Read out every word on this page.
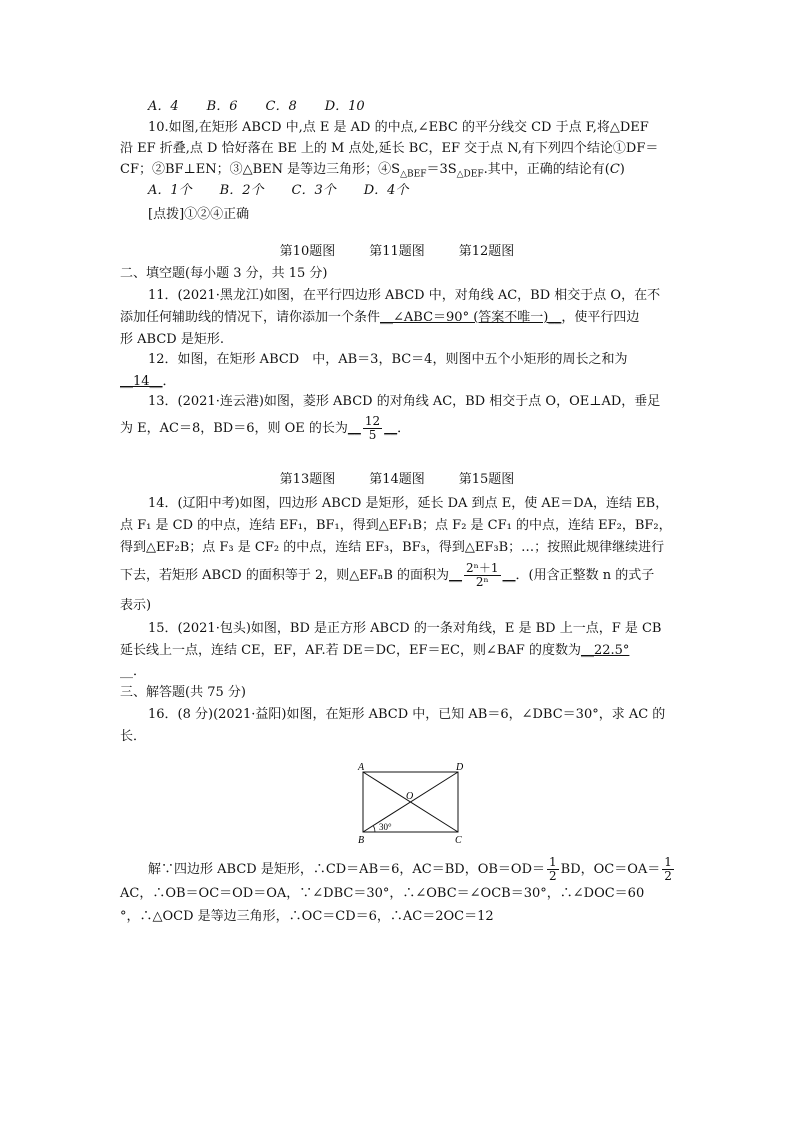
A．4 B．6 C．8 D．10
10.如图,在矩形 ABCD 中,点 E 是 AD 的中点,∠EBC 的平分线交 CD 于点 F,将△DEF
沿 EF 折叠,点 D 恰好落在 BE 上的 M 点处,延长 BC，EF 交于点 N,有下列四个结论①DF＝
CF；②BF⊥EN；③△BEN 是等边三角形；$④S_{\triangle BEF}=3S_{\triangle DEF}$.其中，正确的结论有(C)
A．1个 B．2个 C．3个 D．4个
[点拨]①②④正确
第10题图	第11题图	第12题图
二、填空题(每小题 3 分，共 15 分)
11．(2021·黑龙江)如图，在平行四边形 ABCD 中，对角线 AC，BD 相交于点 O，在不
添加任何辅助线的情况下，请你添加一个条件__∠ABC＝90° (答案不唯一)__，使平行四边
形 ABCD 是矩形.
12．如图，在矩形 ABCD　中，AB＝3，BC＝4，则图中五个小矩形的周长之和为
__14__．
13．(2021·连云港)如图，菱形 ABCD 的对角线 AC，BD 相交于点 O，OE⊥AD，垂足
为 E，AC＝8，BD＝6，则 OE 的长为__ $\frac{12}{5}$ __．
第13题图	第14题图	第15题图
14．(辽阳中考)如图，四边形 ABCD 是矩形，延长 DA 到点 E，使 AE＝DA，连结 EB，
点 F₁ 是 CD 的中点，连结 EF₁，BF₁，得到△EF₁B；点 F₂ 是 CF₁ 的中点，连结 EF₂，BF₂，
得到△EF₂B；点 F₃ 是 CF₂ 的中点，连结 EF₃，BF₃，得到△EF₃B；…；按照此规律继续进行
下去，若矩形 ABCD 的面积等于 2，则△EFₙB 的面积为__ $\frac{\text{2ⁿ＋1}}{\text{2ⁿ}}$ __．(用含正整数 n 的式子
表示)
15．(2021·包头)如图，BD 是正方形 ABCD 的一条对角线，E 是 BD 上一点，F 是 CB
延长线上一点，连结 CE，EF，AF.若 DE＝DC，EF＝EC，则∠BAF 的度数为__22.5°
__．
三、解答题(共 75 分)
16．(8 分)(2021·益阳)如图，在矩形 ABCD 中，已知 AB＝6，∠DBC＝30°，求 AC 的
长．
A	D
O
B	C
30°
解∵四边形 ABCD 是矩形，∴CD＝AB＝6，AC＝BD，$OB=OD= \frac{1}{2}$ BD，$OC=OA= \frac{1}{2}$
AC，∴OB＝OC＝OD＝OA，∵∠DBC＝30°，∴∠OBC＝∠OCB＝30°，∴∠DOC＝60
°，∴△OCD 是等边三角形，∴OC＝CD＝6，∴AC＝2OC＝12
